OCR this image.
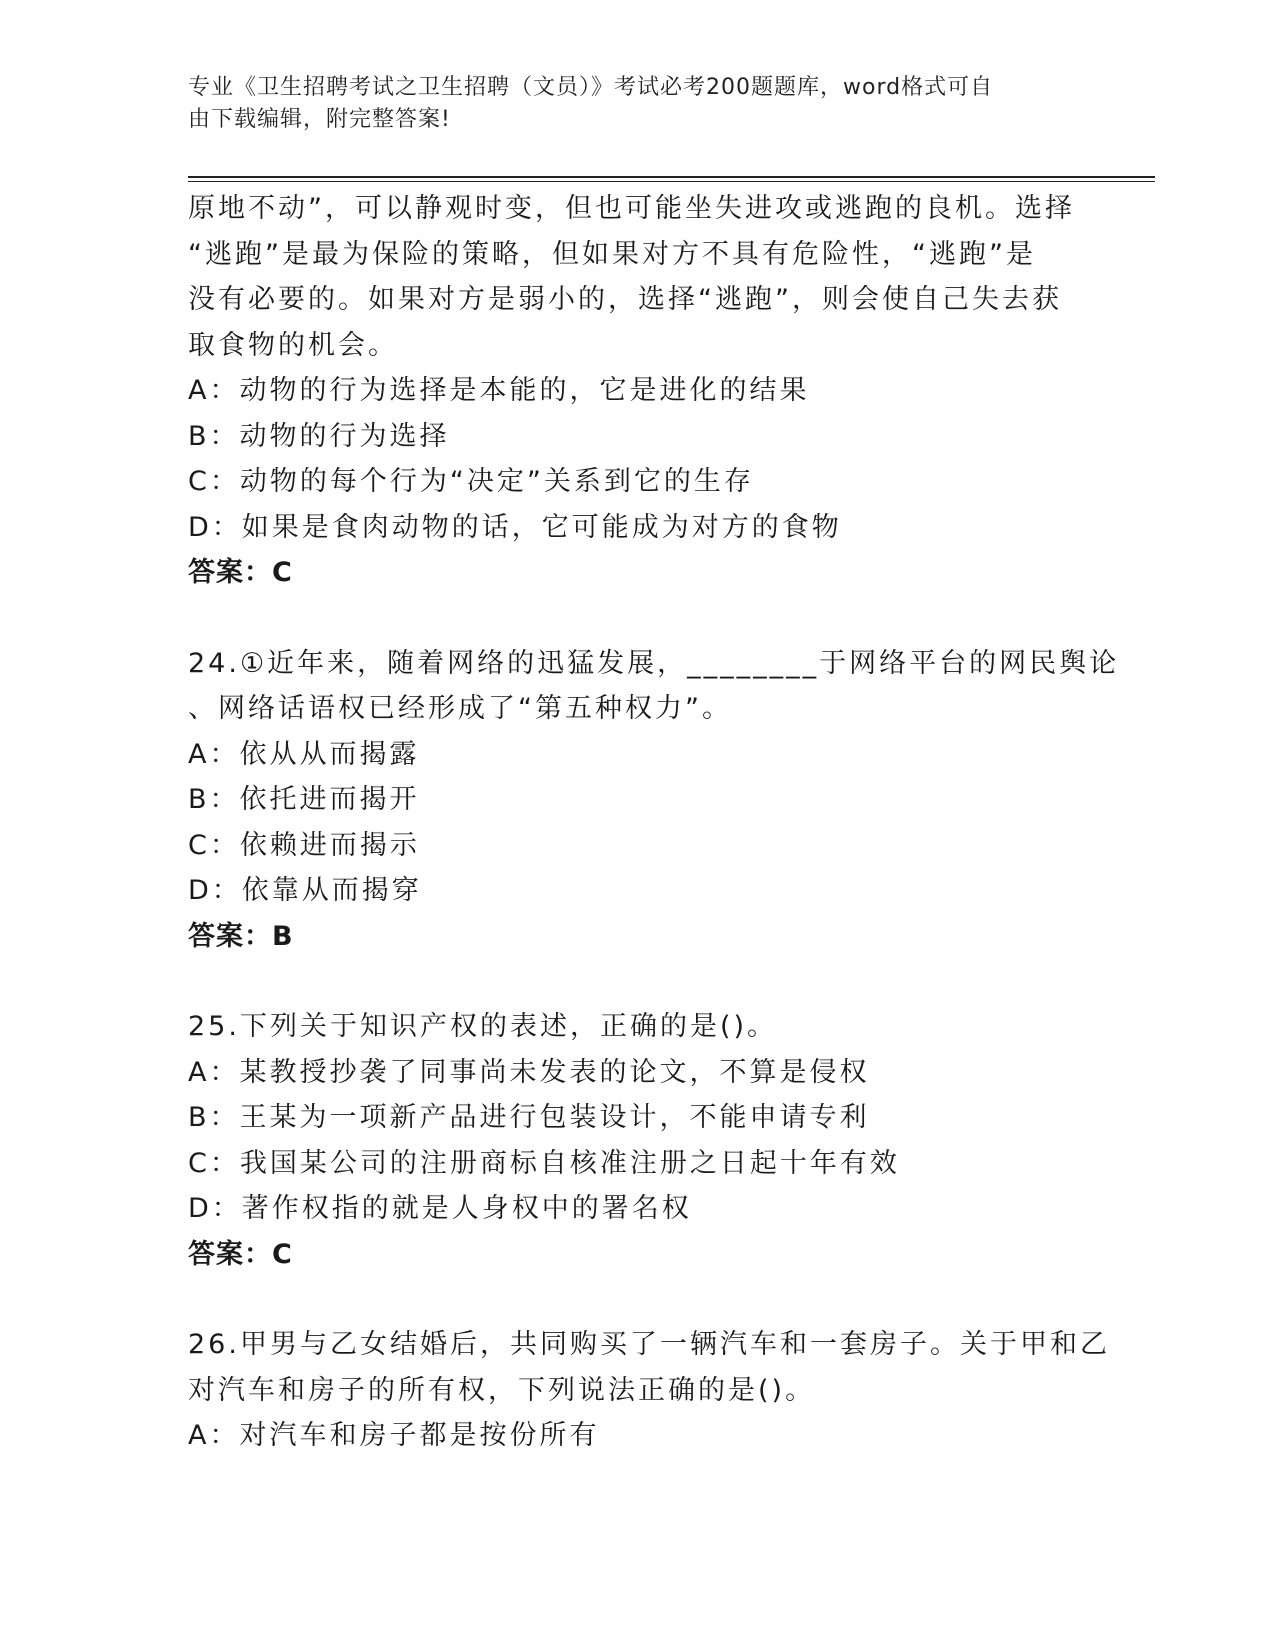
专业《卫生招聘考试之卫生招聘（文员）》考试必考200题题库，word格式可自
由下载编辑，附完整答案!
原地不动”，可以静观时变，但也可能坐失进攻或逃跑的良机。选择
“逃跑”是最为保险的策略，但如果对方不具有危险性，“逃跑”是
没有必要的。如果对方是弱小的，选择“逃跑”，则会使自己失去获
取食物的机会。
A：动物的行为选择是本能的，它是进化的结果
B：动物的行为选择
C：动物的每个行为“决定”关系到它的生存
D：如果是食肉动物的话，它可能成为对方的食物
答案：C
24.①近年来，随着网络的迅猛发展，________于网络平台的网民舆论
、网络话语权已经形成了“第五种权力”。
A：依从从而揭露
B：依托进而揭开
C：依赖进而揭示
D：依靠从而揭穿
答案：B
25.下列关于知识产权的表述，正确的是()。
A：某教授抄袭了同事尚未发表的论文，不算是侵权
B：王某为一项新产品进行包装设计，不能申请专利
C：我国某公司的注册商标自核准注册之日起十年有效
D：著作权指的就是人身权中的署名权
答案：C
26.甲男与乙女结婚后，共同购买了一辆汽车和一套房子。关于甲和乙
对汽车和房子的所有权，下列说法正确的是()。
A：对汽车和房子都是按份所有
